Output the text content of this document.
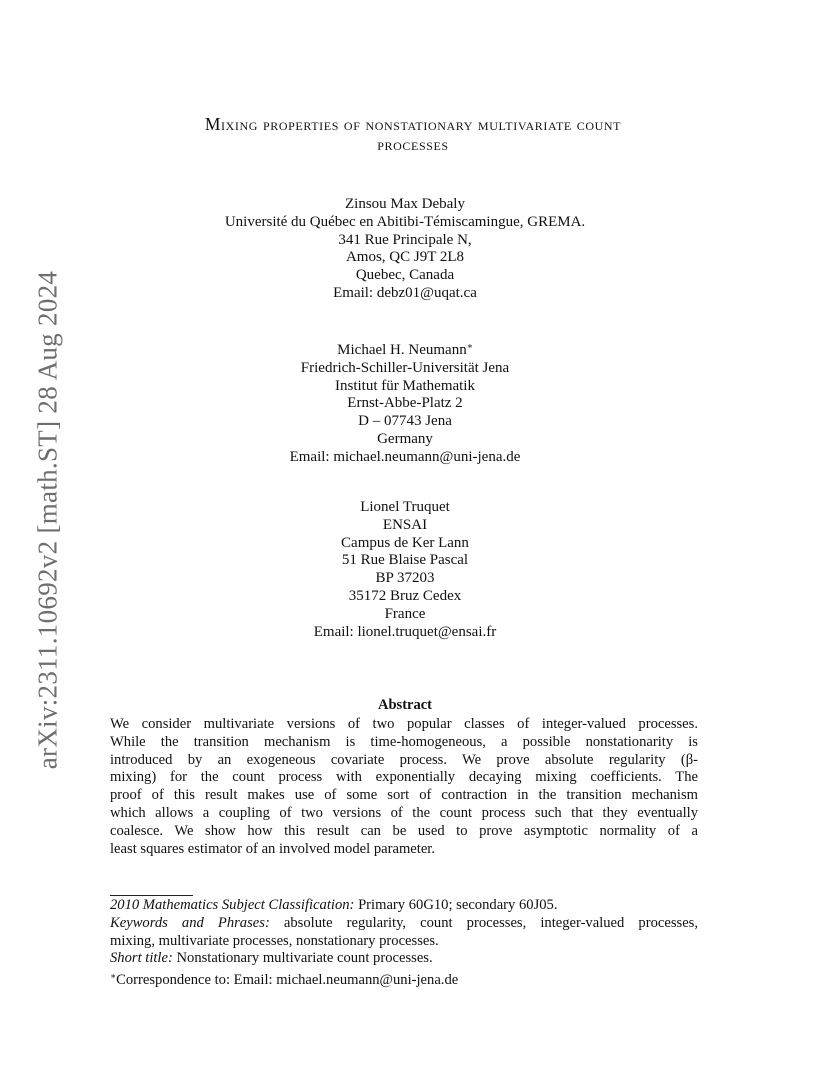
arXiv:2311.10692v2 [math.ST] 28 Aug 2024
Mixing properties of nonstationary multivariate count
processes
Zinsou Max Debaly
Université du Québec en Abitibi-Témiscamingue, GREMA.
341 Rue Principale N,
Amos, QC J9T 2L8
Quebec, Canada
Email: debz01@uqat.ca
Michael H. Neumann∗
Friedrich-Schiller-Universität Jena
Institut für Mathematik
Ernst-Abbe-Platz 2
D – 07743 Jena
Germany
Email: michael.neumann@uni-jena.de
Lionel Truquet
ENSAI
Campus de Ker Lann
51 Rue Blaise Pascal
BP 37203
35172 Bruz Cedex
France
Email: lionel.truquet@ensai.fr
Abstract
We consider multivariate versions of two popular classes of integer-valued processes.
While the transition mechanism is time-homogeneous, a possible nonstationarity is
introduced by an exogeneous covariate process. We prove absolute regularity (β-
mixing) for the count process with exponentially decaying mixing coefficients. The
proof of this result makes use of some sort of contraction in the transition mechanism
which allows a coupling of two versions of the count process such that they eventually
coalesce. We show how this result can be used to prove asymptotic normality of a
least squares estimator of an involved model parameter.
2010 Mathematics Subject Classification: Primary 60G10; secondary 60J05.
Keywords and Phrases: absolute regularity, count processes, integer-valued processes,
mixing, multivariate processes, nonstationary processes.
Short title: Nonstationary multivariate count processes.
∗Correspondence to: Email: michael.neumann@uni-jena.de
